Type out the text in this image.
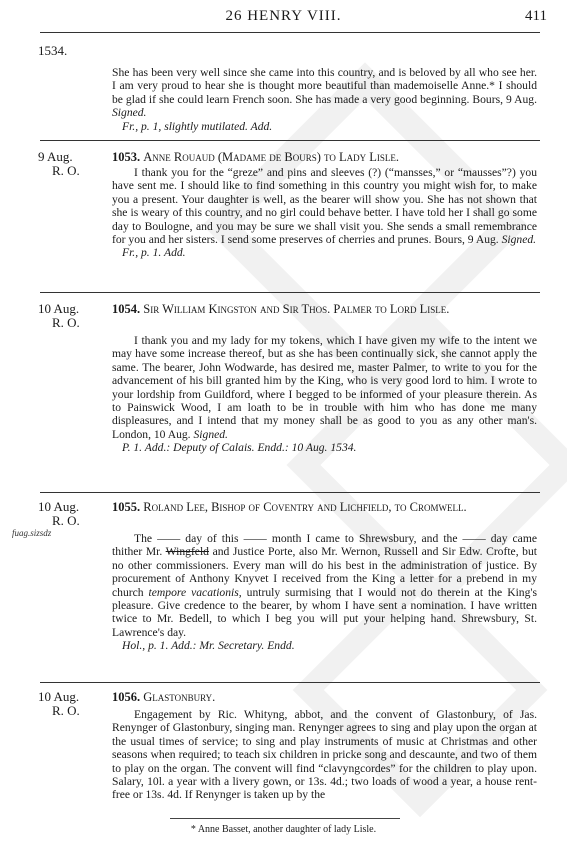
26 HENRY VIII.	411
1534.

She has been very well since she came into this country, and is beloved by all who see her. I am very proud to hear she is thought more beautiful than mademoiselle Anne.* I should be glad if she could learn French soon. She has made a very good beginning. Bours, 9 Aug. Signed.

Fr., p. 1, slightly mutilated. Add.

9 Aug.
R. O.
1053. Anne Rouaud (Madame de Bours) to Lady Lisle.

I thank you for the “greze” and pins and sleeves (?) (“mansses,” or “mausses”?) you have sent me. I should like to find something in this country you might wish for, to make you a present. Your daughter is well, as the bearer will show you. She has not shown that she is weary of this country, and no girl could behave better. I have told her I shall go some day to Boulogne, and you may be sure we shall visit you. She sends a small remembrance for you and her sisters. I send some preserves of cherries and prunes. Bours, 9 Aug. Signed.

Fr., p. 1. Add.

10 Aug.
R. O.
1054. Sir William Kingston and Sir Thos. Palmer to Lord Lisle.

I thank you and my lady for my tokens, which I have given my wife to the intent we may have some increase thereof, but as she has been continually sick, she cannot apply the same. The bearer, John Wodwarde, has desired me, master Palmer, to write to you for the advancement of his bill granted him by the King, who is very good lord to him. I wrote to your lordship from Guildford, where I begged to be informed of your pleasure therein. As to Painswick Wood, I am loath to be in trouble with him who has done me many displeasures, and I intend that my money shall be as good to you as any other man's. London, 10 Aug. Signed.

P. 1. Add.: Deputy of Calais. Endd.: 10 Aug. 1534.

10 Aug.
R. O.
fuag.sizsdz
1055. Roland Lee, Bishop of Coventry and Lichfield, to Cromwell.

The —— day of this —— month I came to Shrewsbury, and the —— day came thither Mr. Wingfeld and Justice Porte, also Mr. Wernon, Russell and Sir Edw. Crofte, but no other commissioners. Every man will do his best in the administration of justice. By procurement of Anthony Knyvet I received from the King a letter for a prebend in my church tempore vacationis, untruly surmising that I would not do therein at the King's pleasure. Give credence to the bearer, by whom I have sent a nomination. I have written twice to Mr. Bedell, to which I beg you will put your helping hand. Shrewsbury, St. Lawrence's day.

Hol., p. 1. Add.: Mr. Secretary. Endd.

10 Aug.
R. O.
1056. Glastonbury.

Engagement by Ric. Whityng, abbot, and the convent of Glastonbury, of Jas. Renynger of Glastonbury, singing man. Renynger agrees to sing and play upon the organ at the usual times of service; to sing and play instruments of music at Christmas and other seasons when required; to teach six children in pricke song and descaunte, and two of them to play on the organ. The convent will find “clavyngcordes” for the children to play upon. Salary, 10l. a year with a livery gown, or 13s. 4d.; two loads of wood a year, a house rent-free or 13s. 4d. If Renynger is taken up by the

* Anne Basset, another daughter of lady Lisle.
